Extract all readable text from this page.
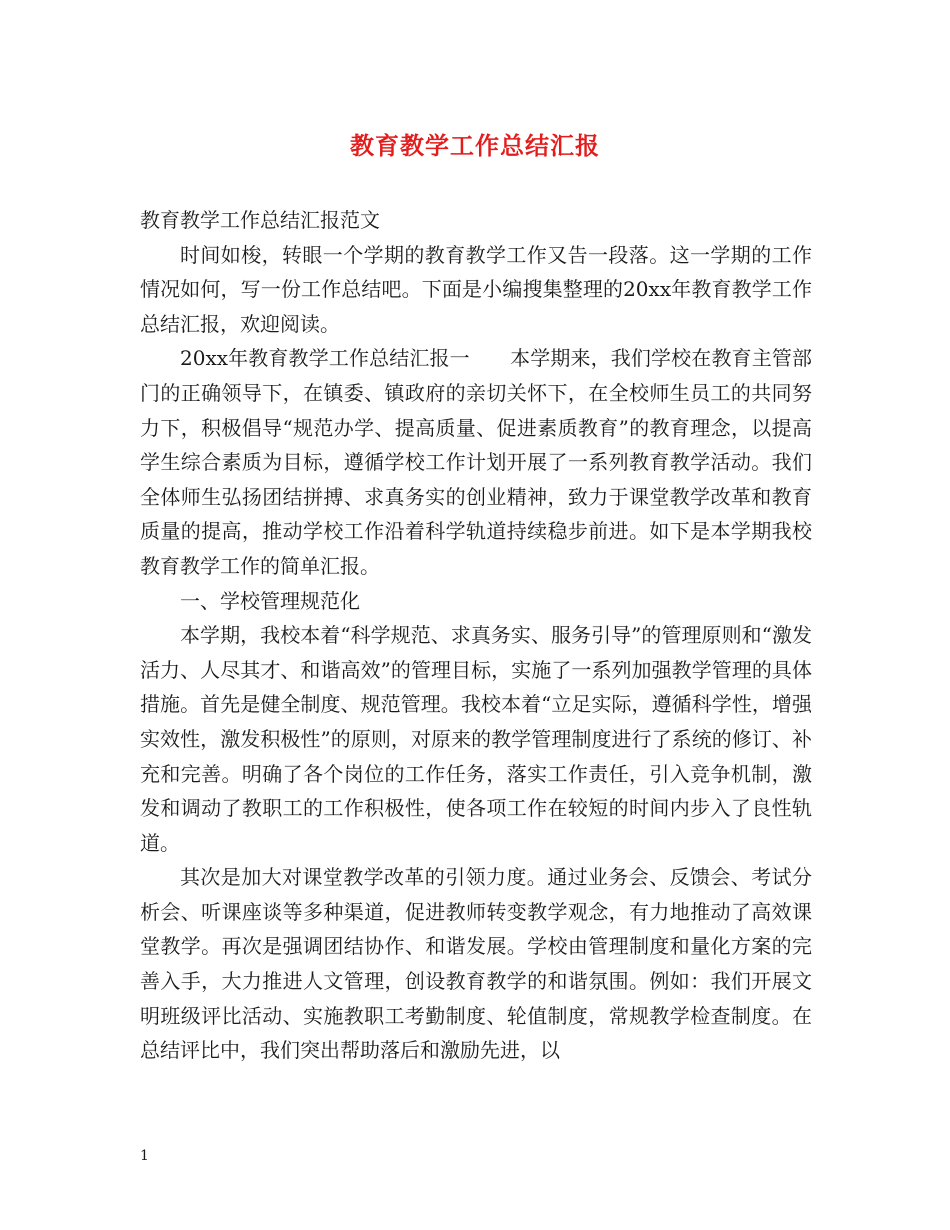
教育教学工作总结汇报

教育教学工作总结汇报范文

时间如梭，转眼一个学期的教育教学工作又告一段落。这一学期的工作情况如何，写一份工作总结吧。下面是小编搜集整理的20xx年教育教学工作总结汇报，欢迎阅读。

20xx年教育教学工作总结汇报一　　本学期来，我们学校在教育主管部门的正确领导下，在镇委、镇政府的亲切关怀下，在全校师生员工的共同努力下，积极倡导“规范办学、提高质量、促进素质教育”的教育理念，以提高学生综合素质为目标，遵循学校工作计划开展了一系列教育教学活动。我们全体师生弘扬团结拼搏、求真务实的创业精神，致力于课堂教学改革和教育质量的提高，推动学校工作沿着科学轨道持续稳步前进。如下是本学期我校教育教学工作的简单汇报。

一、学校管理规范化

本学期，我校本着“科学规范、求真务实、服务引导”的管理原则和“激发活力、人尽其才、和谐高效”的管理目标，实施了一系列加强教学管理的具体措施。首先是健全制度、规范管理。我校本着“立足实际，遵循科学性，增强实效性，激发积极性”的原则，对原来的教学管理制度进行了系统的修订、补充和完善。明确了各个岗位的工作任务，落实工作责任，引入竞争机制，激发和调动了教职工的工作积极性，使各项工作在较短的时间内步入了良性轨道。

其次是加大对课堂教学改革的引领力度。通过业务会、反馈会、考试分析会、听课座谈等多种渠道，促进教师转变教学观念，有力地推动了高效课堂教学。再次是强调团结协作、和谐发展。学校由管理制度和量化方案的完善入手，大力推进人文管理，创设教育教学的和谐氛围。例如：我们开展文明班级评比活动、实施教职工考勤制度、轮值制度，常规教学检查制度。在总结评比中，我们突出帮助落后和激励先进，以

1
